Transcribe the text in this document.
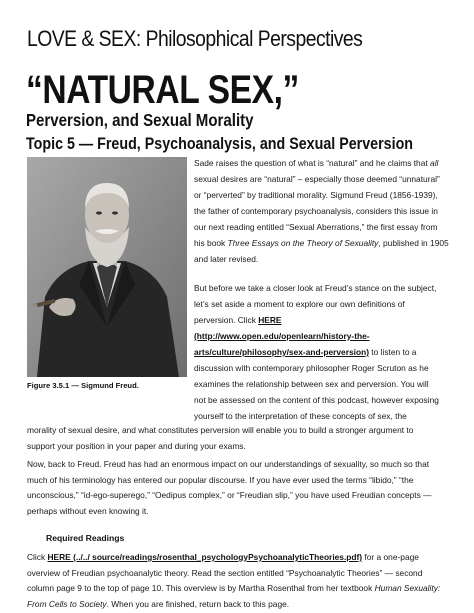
LOVE & SEX: Philosophical Perspectives
“NATURAL SEX,”
Perversion, and Sexual Morality
Topic 5 — Freud, Psychoanalysis, and Sexual Perversion
Figure 3.5.1 — Sigmund Freud.
Sade raises the question of what is “natural” and he claims that all
sexual desires are “natural” – especially those deemed “unnatural”
or “perverted” by traditional morality. Sigmund Freud (1856-1939),
the father of contemporary psychoanalysis, considers this issue in
our next reading entitled “Sexual Aberrations,” the first essay from
his book Three Essays on the Theory of Sexuality, published in 1905
and later revised.
But before we take a closer look at Freud’s stance on the subject,
let’s set aside a moment to explore our own definitions of
perversion. Click HERE
(http://www.open.edu/openlearn/history-the-
arts/culture/philosophy/sex-and-perversion) to listen to a
discussion with contemporary philosopher Roger Scruton as he
examines the relationship between sex and perversion. You will
not be assessed on the content of this podcast, however exposing
yourself to the interpretation of these concepts of sex, the
morality of sexual desire, and what constitutes perversion will enable you to build a stronger argument to
support your position in your paper and during your exams.
Now, back to Freud. Freud has had an enormous impact on our understandings of sexuality, so much so that
much of his terminology has entered our popular discourse. If you have ever used the terms “libido,” “the
unconscious,” “id-ego-superego,” “Oedipus complex,” or “Freudian slip,” you have used Freudian concepts —
perhaps without even knowing it.
Required Readings
Click HERE (../../ source/readings/rosenthal_psychologyPsychoanalyticTheories.pdf) for a one-page
overview of Freudian psychoanalytic theory. Read the section entitled “Psychoanalytic Theories” — second
column page 9 to the top of page 10. This overview is by Martha Rosenthal from her textbook Human Sexuality:
From Cells to Society. When you are finished, return back to this page.
